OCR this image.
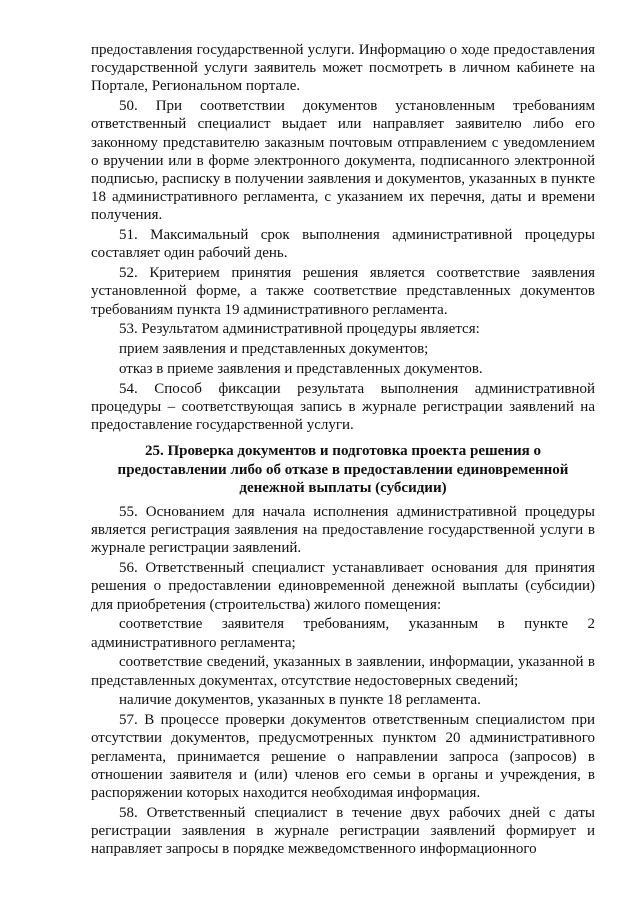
предоставления государственной услуги. Информацию о ходе предоставления государственной услуги заявитель может посмотреть в личном кабинете на Портале, Региональном портале.

50. При соответствии документов установленным требованиям ответственный специалист выдает или направляет заявителю либо его законному представителю заказным почтовым отправлением с уведомлением о вручении или в форме электронного документа, подписанного электронной подписью, расписку в получении заявления и документов, указанных в пункте 18 административного регламента, с указанием их перечня, даты и времени получения.

51. Максимальный срок выполнения административной процедуры составляет один рабочий день.

52. Критерием принятия решения является соответствие заявления установленной форме, а также соответствие представленных документов требованиям пункта 19 административного регламента.

53. Результатом административной процедуры является:

прием заявления и представленных документов;

отказ в приеме заявления и представленных документов.

54. Способ фиксации результата выполнения административной процедуры – соответствующая запись в журнале регистрации заявлений на предоставление государственной услуги.

25. Проверка документов и подготовка проекта решения о предоставлении либо об отказе в предоставлении единовременной денежной выплаты (субсидии)

55. Основанием для начала исполнения административной процедуры является регистрация заявления на предоставление государственной услуги в журнале регистрации заявлений.

56. Ответственный специалист устанавливает основания для принятия решения о предоставлении единовременной денежной выплаты (субсидии) для приобретения (строительства) жилого помещения:

соответствие заявителя требованиям, указанным в пункте 2 административного регламента;

соответствие сведений, указанных в заявлении, информации, указанной в представленных документах, отсутствие недостоверных сведений;

наличие документов, указанных в пункте 18 регламента.

57. В процессе проверки документов ответственным специалистом при отсутствии документов, предусмотренных пунктом 20 административного регламента, принимается решение о направлении запроса (запросов) в отношении заявителя и (или) членов его семьи в органы и учреждения, в распоряжении которых находится необходимая информация.

58. Ответственный специалист в течение двух рабочих дней с даты регистрации заявления в журнале регистрации заявлений формирует и направляет запросы в порядке межведомственного информационного
